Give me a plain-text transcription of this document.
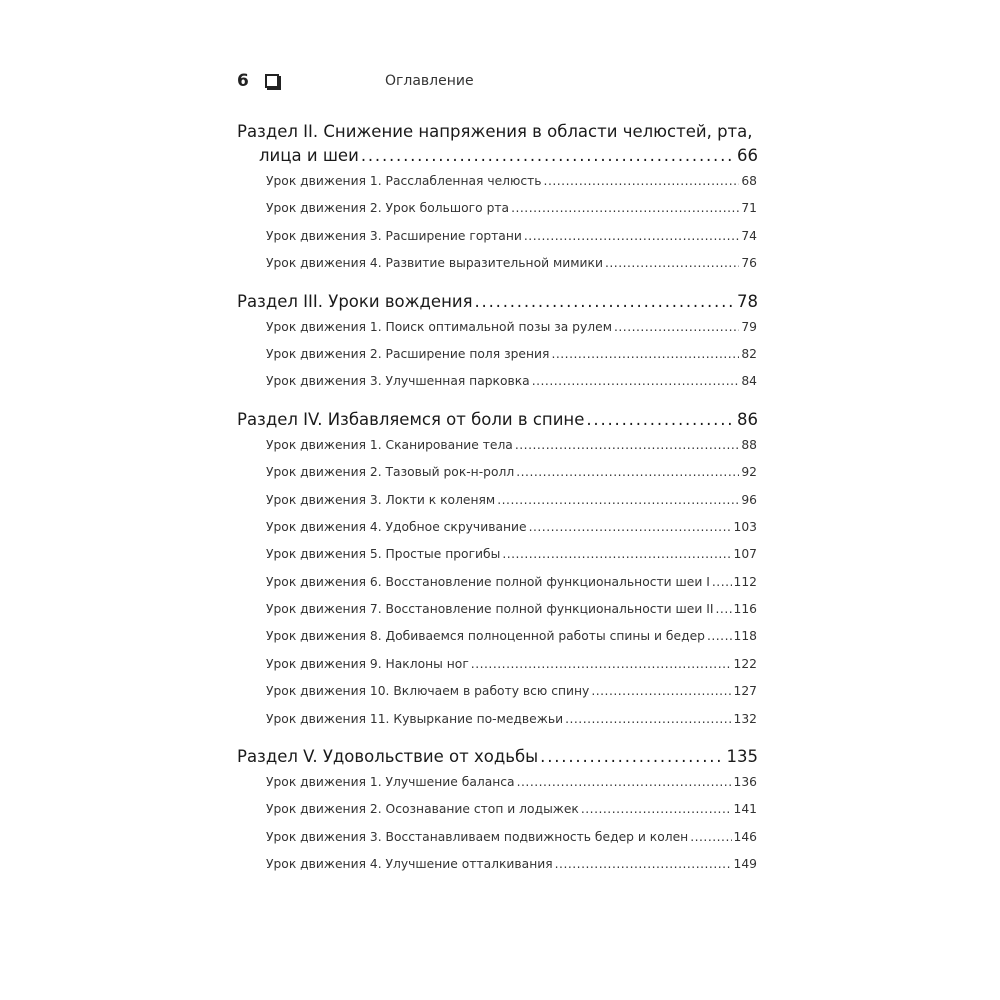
6	Оглавление
Раздел II. Снижение напряжения в области челюстей, рта,
лица и шеи .....	66
Урок движения 1. Расслабленная челюсть .....	68
Урок движения 2. Урок большого рта .....	71
Урок движения 3. Расширение гортани .....	74
Урок движения 4. Развитие выразительной мимики .....	76
Раздел III. Уроки вождения .....	78
Урок движения 1. Поиск оптимальной позы за рулем .....	79
Урок движения 2. Расширение поля зрения .....	82
Урок движения 3. Улучшенная парковка .....	84
Раздел IV. Избавляемся от боли в спине .....	86
Урок движения 1. Сканирование тела .....	88
Урок движения 2. Тазовый рок-н-ролл .....	92
Урок движения 3. Локти к коленям .....	96
Урок движения 4. Удобное скручивание .....	103
Урок движения 5. Простые прогибы .....	107
Урок движения 6. Восстановление полной функциональности шеи I ..... 112
Урок движения 7. Восстановление полной функциональности шеи II ..... 116
Урок движения 8. Добиваемся полноценной работы спины и бедер ..... 118
Урок движения 9. Наклоны ног .....	122
Урок движения 10. Включаем в работу всю спину .....	127
Урок движения 11. Кувыркание по-медвежьи .....	132
Раздел V. Удовольствие от ходьбы .....	135
Урок движения 1. Улучшение баланса .....	136
Урок движения 2. Осознавание стоп и лодыжек .....	141
Урок движения 3. Восстанавливаем подвижность бедер и колен .....	146
Урок движения 4. Улучшение отталкивания .....	149
